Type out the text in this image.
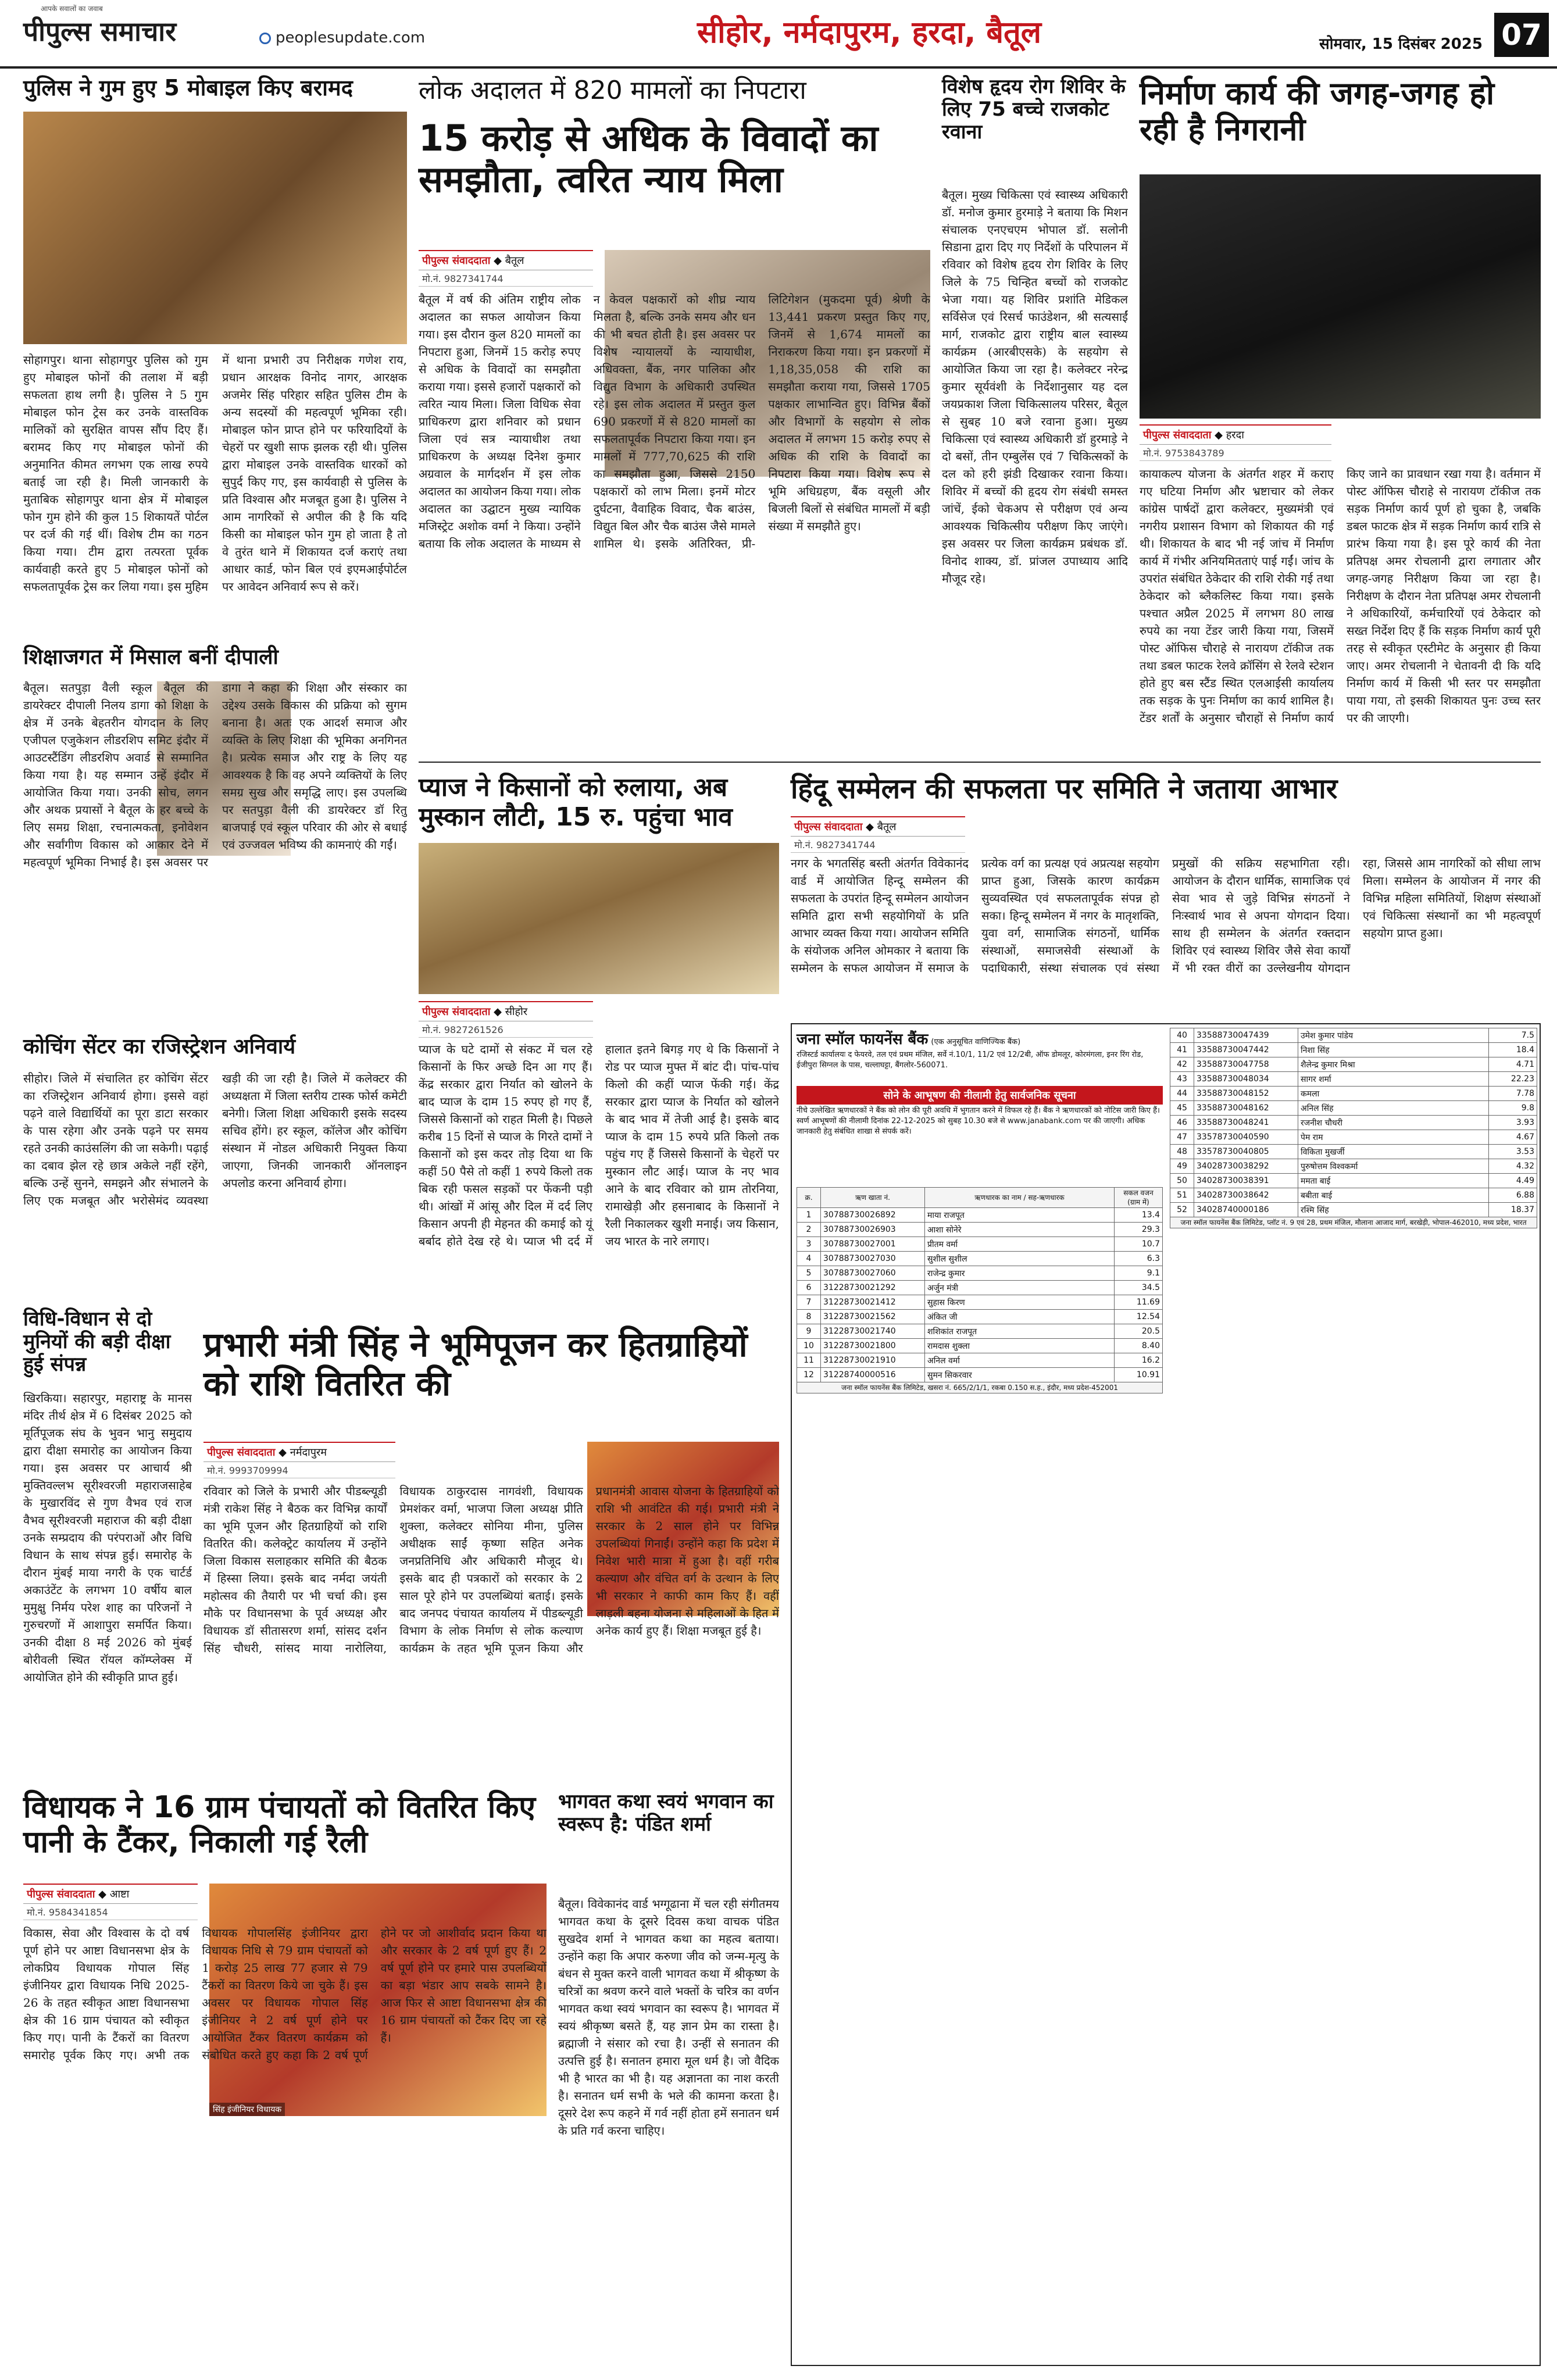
आपके सवालों का जवाब
पीपुल्स समाचार	peoplesupdate.com	सीहोर, नर्मदापुरम, हरदा, बैतूल	सोमवार, 15 दिसंबर 2025 07
पुलिस ने गुम हुए 5 मोबाइल किए बरामद
सोहागपुर। थाना सोहागपुर पुलिस को गुम हुए मोबाइल फोनों की तलाश में बड़ी सफलता हाथ लगी है। पुलिस ने 5 गुम मोबाइल फोन ट्रेस कर उनके वास्तविक मालिकों को सुरक्षित वापस सौंप दिए हैं। बरामद किए गए मोबाइल फोनों की अनुमानित कीमत लगभग एक लाख रुपये बताई जा रही है। मिली जानकारी के मुताबिक सोहागपुर थाना क्षेत्र में मोबाइल फोन गुम होने की कुल 15 शिकायतें पोर्टल पर दर्ज की गई थीं। विशेष टीम का गठन किया गया। टीम द्वारा तत्परता पूर्वक कार्यवाही करते हुए 5 मोबाइल फोनों को सफलतापूर्वक ट्रेस कर लिया गया। इस मुहिम में थाना प्रभारी उप निरीक्षक गणेश राय, प्रधान आरक्षक विनोद नागर, आरक्षक अजमेर सिंह परिहार सहित पुलिस टीम के अन्य सदस्यों की महत्वपूर्ण भूमिका रही। मोबाइल फोन प्राप्त होने पर फरियादियों के चेहरों पर खुशी साफ झलक रही थी। पुलिस द्वारा मोबाइल उनके वास्तविक धारकों को सुपुर्द किए गए, इस कार्यवाही से पुलिस के प्रति विश्वास और मजबूत हुआ है। पुलिस ने आम नागरिकों से अपील की है कि यदि किसी का मोबाइल फोन गुम हो जाता है तो वे तुरंत थाने में शिकायत दर्ज कराएं तथा आधार कार्ड, फोन बिल एवं इएमआईपोर्टल पर आवेदन अनिवार्य रूप से करें।
शिक्षाजगत में मिसाल बनीं दीपाली
बैतूल। सतपुड़ा वैली स्कूल बैतूल की डायरेक्टर दीपाली निलय डागा को शिक्षा के क्षेत्र में उनके बेहतरीन योगदान के लिए एजीपल एजुकेशन लीडरशिप समिट इंदौर में आउटस्टैंडिंग लीडरशिप अवार्ड से सम्मानित किया गया है। यह सम्मान उन्हें इंदौर में आयोजित किया गया। उनकी सोच, लगन और अथक प्रयासों ने बैतूल के हर बच्चे के लिए समग्र शिक्षा, रचनात्मकता, इनोवेशन और सर्वांगीण विकास को आकार देने में महत्वपूर्ण भूमिका निभाई है। इस अवसर पर डागा ने कहा की शिक्षा और संस्कार का उद्देश्य उसके विकास की प्रक्रिया को सुगम बनाना है। अतः एक आदर्श समाज और व्यक्ति के लिए शिक्षा की भूमिका अनगिनत है। प्रत्येक समाज और राष्ट्र के लिए यह आवश्यक है कि वह अपने व्यक्तियों के लिए समग्र सुख और समृद्धि लाए। इस उपलब्धि पर सतपुड़ा वैली की डायरेक्टर डॉ रितु बाजपाई एवं स्कूल परिवार की ओर से बधाई एवं उज्जवल भविष्य की कामनाएं की गईं।
कोचिंग सेंटर का रजिस्ट्रेशन अनिवार्य
सीहोर। जिले में संचालित हर कोचिंग सेंटर का रजिस्ट्रेशन अनिवार्य होगा। इससे वहां पढ़ने वाले विद्यार्थियों का पूरा डाटा सरकार के पास रहेगा और उनके पढ़ने पर समय रहते उनकी काउंसलिंग की जा सकेगी। पढ़ाई का दबाव झेल रहे छात्र अकेले नहीं रहेंगे, बल्कि उन्हें सुनने, समझने और संभालने के लिए एक मजबूत और भरोसेमंद व्यवस्था खड़ी की जा रही है। जिले में कलेक्टर की अध्यक्षता में जिला स्तरीय टास्क फोर्स कमेटी बनेगी। जिला शिक्षा अधिकारी इसके सदस्य सचिव होंगे। हर स्कूल, कॉलेज और कोचिंग संस्थान में नोडल अधिकारी नियुक्त किया जाएगा, जिनकी जानकारी ऑनलाइन अपलोड करना अनिवार्य होगा।
विधि-विधान से दो मुनियों की बड़ी दीक्षा हुई संपन्न
खिरकिया। सहारपुर, महाराष्ट्र के मानस मंदिर तीर्थ क्षेत्र में 6 दिसंबर 2025 को मूर्तिपूजक संघ के भुवन भानु समुदाय द्वारा दीक्षा समारोह का आयोजन किया गया। इस अवसर पर आचार्य श्री मुक्तिवल्लभ सूरीश्वरजी महाराजसाहेब के मुखारविंद से गुण वैभव एवं राज वैभव सूरीश्वरजी महाराज की बड़ी दीक्षा उनके सम्प्रदाय की परंपराओं और विधि विधान के साथ संपन्न हुई। समारोह के दौरान मुंबई माया नगरी के एक चार्टर्ड अकाउंटेंट के लगभग 10 वर्षीय बाल मुमुक्षु निर्मय परेश शाह का परिजनों ने गुरुचरणों में आशापुरा समर्पित किया। उनकी दीक्षा 8 मई 2026 को मुंबई बोरीवली स्थित रॉयल कॉम्प्लेक्स में आयोजित होने की स्वीकृति प्राप्त हुई।
लोक अदालत में 820 मामलों का निपटारा
15 करोड़ से अधिक के विवादों का समझौता, त्वरित न्याय मिला
पीपुल्स संवाददाता ◆ बैतूल
मो.नं. 9827341744
बैतूल में वर्ष की अंतिम राष्ट्रीय लोक अदालत का सफल आयोजन किया गया। इस दौरान कुल 820 मामलों का निपटारा हुआ, जिनमें 15 करोड़ रुपए से अधिक के विवादों का समझौता कराया गया। इससे हजारों पक्षकारों को त्वरित न्याय मिला। जिला विधिक सेवा प्राधिकरण द्वारा शनिवार को प्रधान जिला एवं सत्र न्यायाधीश तथा प्राधिकरण के अध्यक्ष दिनेश कुमार अग्रवाल के मार्गदर्शन में इस लोक अदालत का आयोजन किया गया। लोक अदालत का उद्घाटन मुख्य न्यायिक मजिस्ट्रेट अशोक वर्मा ने किया। उन्होंने बताया कि लोक अदालत के माध्यम से न केवल पक्षकारों को शीघ्र न्याय मिलता है, बल्कि उनके समय और धन की भी बचत होती है। इस अवसर पर विशेष न्यायालयों के न्यायाधीश, अधिवक्ता, बैंक, नगर पालिका और विद्युत विभाग के अधिकारी उपस्थित रहे। इस लोक अदालत में प्रस्तुत कुल 690 प्रकरणों में से 820 मामलों का सफलतापूर्वक निपटारा किया गया। इन मामलों में 777,70,625 की राशि का समझौता हुआ, जिससे 2150 पक्षकारों को लाभ मिला। इनमें मोटर दुर्घटना, वैवाहिक विवाद, चैक बाउंस, विद्युत बिल और चैक बाउंस जैसे मामले शामिल थे। इसके अतिरिक्त, प्री-लिटिगेशन (मुकदमा पूर्व) श्रेणी के 13,441 प्रकरण प्रस्तुत किए गए, जिनमें से 1,674 मामलों का निराकरण किया गया। इन प्रकरणों में 1,18,35,058 की राशि का समझौता कराया गया, जिससे 1705 पक्षकार लाभान्वित हुए। विभिन्न बैंकों और विभागों के सहयोग से लोक अदालत में लगभग 15 करोड़ रुपए से अधिक की राशि के विवादों का निपटारा किया गया। विशेष रूप से भूमि अधिग्रहण, बैंक वसूली और बिजली बिलों से संबंधित मामलों में बड़ी संख्या में समझौते हुए।
विशेष हृदय रोग शिविर के लिए 75 बच्चे राजकोट रवाना
बैतूल। मुख्य चिकित्सा एवं स्वास्थ्य अधिकारी डॉ. मनोज कुमार हुरमाड़े ने बताया कि मिशन संचालक एनएचएम भोपाल डॉ. सलोनी सिडाना द्वारा दिए गए निर्देशों के परिपालन में रविवार को विशेष हृदय रोग शिविर के लिए जिले के 75 चिन्हित बच्चों को राजकोट भेजा गया। यह शिविर प्रशांति मेडिकल सर्विसेज एवं रिसर्च फाउंडेशन, श्री सत्यसाईं मार्ग, राजकोट द्वारा राष्ट्रीय बाल स्वास्थ्य कार्यक्रम (आरबीएसके) के सहयोग से आयोजित किया जा रहा है। कलेक्टर नरेन्द्र कुमार सूर्यवंशी के निर्देशानुसार यह दल जयप्रकाश जिला चिकित्सालय परिसर, बैतूल से सुबह 10 बजे रवाना हुआ। मुख्य चिकित्सा एवं स्वास्थ्य अधिकारी डॉ हुरमाड़े ने दो बसों, तीन एम्बुलेंस एवं 7 चिकित्सकों के दल को हरी झंडी दिखाकर रवाना किया। शिविर में बच्चों की हृदय रोग संबंधी समस्त जांचें, ईको चेकअप से परीक्षण एवं अन्य आवश्यक चिकित्सीय परीक्षण किए जाएंगे। इस अवसर पर जिला कार्यक्रम प्रबंधक डॉ. विनोद शाक्य, डॉ. प्रांजल उपाध्याय आदि मौजूद रहे।
निर्माण कार्य की जगह-जगह हो रही है निगरानी
पीपुल्स संवाददाता ◆ हरदा
मो.नं. 9753843789
कायाकल्प योजना के अंतर्गत शहर में कराए गए घटिया निर्माण और भ्रष्टाचार को लेकर कांग्रेस पार्षदों द्वारा कलेक्टर, मुख्यमंत्री एवं नगरीय प्रशासन विभाग को शिकायत की गई थी। शिकायत के बाद भी नई जांच में निर्माण कार्य में गंभीर अनियमितताएं पाई गईं। जांच के उपरांत संबंधित ठेकेदार की राशि रोकी गई तथा ठेकेदार को ब्लैकलिस्ट किया गया। इसके पश्चात अप्रैल 2025 में लगभग 80 लाख रुपये का नया टेंडर जारी किया गया, जिसमें पोस्ट ऑफिस चौराहे से नारायण टॉकीज तक तथा डबल फाटक रेलवे क्रॉसिंग से रेलवे स्टेशन होते हुए बस स्टैंड स्थित एलआईसी कार्यालय तक सड़क के पुनः निर्माण का कार्य शामिल है। टेंडर शर्तों के अनुसार चौराहों से निर्माण कार्य किए जाने का प्रावधान रखा गया है। वर्तमान में पोस्ट ऑफिस चौराहे से नारायण टॉकीज तक सड़क निर्माण कार्य पूर्ण हो चुका है, जबकि डबल फाटक क्षेत्र में सड़क निर्माण कार्य रात्रि से प्रारंभ किया गया है। इस पूरे कार्य की नेता प्रतिपक्ष अमर रोचलानी द्वारा लगातार और जगह-जगह निरीक्षण किया जा रहा है। निरीक्षण के दौरान नेता प्रतिपक्ष अमर रोचलानी ने अधिकारियों, कर्मचारियों एवं ठेकेदार को सख्त निर्देश दिए हैं कि सड़क निर्माण कार्य पूरी तरह से स्वीकृत एस्टीमेट के अनुसार ही किया जाए। अमर रोचलानी ने चेतावनी दी कि यदि निर्माण कार्य में किसी भी स्तर पर समझौता पाया गया, तो इसकी शिकायत पुनः उच्च स्तर पर की जाएगी।
प्याज ने किसानों को रुलाया, अब मुस्कान लौटी, 15 रु. पहुंचा भाव
पीपुल्स संवाददाता ◆ सीहोर
मो.नं. 9827261526
प्याज के घटे दामों से संकट में चल रहे किसानों के फिर अच्छे दिन आ गए हैं। केंद्र सरकार द्वारा निर्यात को खोलने के बाद प्याज के दाम 15 रुपए हो गए हैं, जिससे किसानों को राहत मिली है। पिछले करीब 15 दिनों से प्याज के गिरते दामों ने किसानों को इस कदर तोड़ दिया था कि कहीं 50 पैसे तो कहीं 1 रुपये किलो तक बिक रही फसल सड़कों पर फेंकनी पड़ी थी। आंखों में आंसू और दिल में दर्द लिए किसान अपनी ही मेहनत की कमाई को यूं बर्बाद होते देख रहे थे। प्याज भी दर्द में हालात इतने बिगड़ गए थे कि किसानों ने रोड पर प्याज मुफ्त में बांट दी। पांच-पांच किलो की कहीं प्याज फेंकी गई। केंद्र सरकार द्वारा प्याज के निर्यात को खोलने के बाद भाव में तेजी आई है। इसके बाद प्याज के दाम 15 रुपये प्रति किलो तक पहुंच गए हैं जिससे किसानों के चेहरों पर मुस्कान लौट आई। प्याज के नए भाव आने के बाद रविवार को ग्राम तोरनिया, रामाखेड़ी और हसनाबाद के किसानों ने रैली निकालकर खुशी मनाई। जय किसान, जय भारत के नारे लगाए।
हिंदू सम्मेलन की सफलता पर समिति ने जताया आभार
पीपुल्स संवाददाता ◆ बैतूल
मो.नं. 9827341744
नगर के भगतसिंह बस्ती अंतर्गत विवेकानंद वार्ड में आयोजित हिन्दू सम्मेलन की सफलता के उपरांत हिन्दू सम्मेलन आयोजन समिति द्वारा सभी सहयोगियों के प्रति आभार व्यक्त किया गया। आयोजन समिति के संयोजक अनिल ओमकार ने बताया कि सम्मेलन के सफल आयोजन में समाज के प्रत्येक वर्ग का प्रत्यक्ष एवं अप्रत्यक्ष सहयोग प्राप्त हुआ, जिसके कारण कार्यक्रम सुव्यवस्थित एवं सफलतापूर्वक संपन्न हो सका। हिन्दू सम्मेलन में नगर के मातृशक्ति, युवा वर्ग, सामाजिक संगठनों, धार्मिक संस्थाओं, समाजसेवी संस्थाओं के पदाधिकारी, संस्था संचालक एवं संस्था प्रमुखों की सक्रिय सहभागिता रही। आयोजन के दौरान धार्मिक, सामाजिक एवं सेवा भाव से जुड़े विभिन्न संगठनों ने निःस्वार्थ भाव से अपना योगदान दिया। साथ ही सम्मेलन के अंतर्गत रक्तदान शिविर एवं स्वास्थ्य शिविर जैसे सेवा कार्यों में भी रक्त वीरों का उल्लेखनीय योगदान रहा, जिससे आम नागरिकों को सीधा लाभ मिला। सम्मेलन के आयोजन में नगर की विभिन्न महिला समितियों, शिक्षण संस्थाओं एवं चिकित्सा संस्थानों का भी महत्वपूर्ण सहयोग प्राप्त हुआ।
प्रभारी मंत्री सिंह ने भूमिपूजन कर हितग्राहियों को राशि वितरित की
पीपुल्स संवाददाता ◆ नर्मदापुरम
मो.नं. 9993709994
रविवार को जिले के प्रभारी और पीडब्ल्यूडी मंत्री राकेश सिंह ने बैठक कर विभिन्न कार्यों का भूमि पूजन और हितग्राहियों को राशि वितरित की। कलेक्ट्रेट कार्यालय में उन्होंने जिला विकास सलाहकार समिति की बैठक में हिस्सा लिया। इसके बाद नर्मदा जयंती महोत्सव की तैयारी पर भी चर्चा की। इस मौके पर विधानसभा के पूर्व अध्यक्ष और विधायक डॉ सीतासरण शर्मा, सांसद दर्शन सिंह चौधरी, सांसद माया नारोलिया, विधायक ठाकुरदास नागवंशी, विधायक प्रेमशंकर वर्मा, भाजपा जिला अध्यक्ष प्रीति शुक्ला, कलेक्टर सोनिया मीना, पुलिस अधीक्षक साईं कृष्णा सहित अनेक जनप्रतिनिधि और अधिकारी मौजूद थे। इसके बाद ही पत्रकारों को सरकार के 2 साल पूरे होने पर उपलब्धियां बताई। इसके बाद जनपद पंचायत कार्यालय में पीडब्ल्यूडी विभाग के लोक निर्माण से लोक कल्याण कार्यक्रम के तहत भूमि पूजन किया और प्रधानमंत्री आवास योजना के हितग्राहियों को राशि भी आवंटित की गई। प्रभारी मंत्री ने सरकार के 2 साल होने पर विभिन्न उपलब्धियां गिनाईं। उन्होंने कहा कि प्रदेश में निवेश भारी मात्रा में हुआ है। वहीं गरीब कल्याण और वंचित वर्ग के उत्थान के लिए भी सरकार ने काफी काम किए हैं। वहीं लाड़ली बहना योजना से महिलाओं के हित में अनेक कार्य हुए हैं। शिक्षा मजबूत हुई है।
विधायक ने 16 ग्राम पंचायतों को वितरित किए पानी के टैंकर, निकाली गई रैली
पीपुल्स संवाददाता ◆ आष्टा
मो.नं. 9584341854
सिंह इंजीनियर विधायक
विकास, सेवा और विश्वास के दो वर्ष पूर्ण होने पर आष्टा विधानसभा क्षेत्र के लोकप्रिय विधायक गोपाल सिंह इंजीनियर द्वारा विधायक निधि 2025-26 के तहत स्वीकृत आष्टा विधानसभा क्षेत्र की 16 ग्राम पंचायत को स्वीकृत किए गए। पानी के टैंकरों का वितरण समारोह पूर्वक किए गए। अभी तक विधायक गोपालसिंह इंजीनियर द्वारा विधायक निधि से 79 ग्राम पंचायतों को 1 करोड़ 25 लाख 77 हजार से 79 टैंकरों का वितरण किये जा चुके हैं। इस अवसर पर विधायक गोपाल सिंह इंजीनियर ने 2 वर्ष पूर्ण होने पर आयोजित टैंकर वितरण कार्यक्रम को संबोधित करते हुए कहा कि 2 वर्ष पूर्ण होने पर जो आशीर्वाद प्रदान किया था और सरकार के 2 वर्ष पूर्ण हुए हैं। 2 वर्ष पूर्ण होने पर हमारे पास उपलब्धियों का बड़ा भंडार आप सबके सामने है। आज फिर से आष्टा विधानसभा क्षेत्र की 16 ग्राम पंचायतों को टैंकर दिए जा रहे हैं।
भागवत कथा स्वयं भगवान का स्वरूप है: पंडित शर्मा
बैतूल। विवेकानंद वार्ड भग्गूढाना में चल रही संगीतमय भागवत कथा के दूसरे दिवस कथा वाचक पंडित सुखदेव शर्मा ने भागवत कथा का महत्व बताया। उन्होंने कहा कि अपार करुणा जीव को जन्म-मृत्यु के बंधन से मुक्त करने वाली भागवत कथा में श्रीकृष्ण के चरित्रों का श्रवण करने वाले भक्तों के चरित्र का वर्णन भागवत कथा स्वयं भगवान का स्वरूप है। भागवत में स्वयं श्रीकृष्ण बसते हैं, यह ज्ञान प्रेम का रास्ता है। ब्रह्माजी ने संसार को रचा है। उन्हीं से सनातन की उत्पत्ति हुई है। सनातन हमारा मूल धर्म है। जो वैदिक भी है भारत का भी है। यह अज्ञानता का नाश करती है। सनातन धर्म सभी के भले की कामना करता है। दूसरे देश रूप कहने में गर्व नहीं होता हमें सनातन धर्म के प्रति गर्व करना चाहिए।
जना स्मॉल फायनेंस बैंक (एक अनुसूचित वाणिज्यिक बैंक)
रजिस्टर्ड कार्यालयः द फेयरवे, तल एवं प्रथम मंजिल, सर्वे नं.10/1, 11/2 एवं 12/2बी, ऑफ डोमलूर, कोरमंगला, इनर रिंग रोड, ईजीपुरा सिग्नल के पास, चल्लाघट्टा, बैंगलोर-560071.
सोने के आभूषण की नीलामी हेतु सार्वजनिक सूचना
नीचे उल्लेखित ऋणधारकों ने बैंक को लोन की पूरी अवधि में भुगतान करने में विफल रहे हैं। बैंक ने ऋणधारकों को नोटिस जारी किए हैं। स्वर्ण आभूषणों की नीलामी दिनांक 22-12-2025 को सुबह 10.30 बजे से www.janabank.com पर की जाएगी। अधिक जानकारी हेतु संबंधित शाखा से संपर्क करें।
क्र.	ऋण खाता नं.	ऋणधारक का नाम / सह-ऋणधारक	सकल वजन (ग्राम में)
1	30788730026892	माया राजपूत	13.4
2	30788730026903	आशा सोनेरे	29.3
3	30788730027001	प्रीतम वर्मा	10.7
4	30788730027030	सुशील सुशील	6.3
5	30788730027060	राजेन्द्र कुमार	9.1
6	31228730021292	अर्जुन मंत्री	34.5
7	31228730021412	सुहास किरण	11.69
8	31228730021562	अंकित जी	12.54
9	31228730021740	शशिकांत राजपूत	20.5
10	31228730021800	रामदास शुक्ला	8.40
11	31228730021910	अनिल वर्मा	16.2
12	31228740000516	सुमन सिकरवार	10.91
जना स्मॉल फायनेंस बैंक लिमिटेड, खसरा नं. 665/2/1/1, रकबा 0.150 स.ह., इंदौर, मध्य प्रदेश-452001			
40	33588730047439	उमेश कुमार पांडेय	7.5
41	33588730047442	निशा सिंह	18.4
42	33588730047758	शैलेन्द्र कुमार मिश्रा	4.71
43	33588730048034	सागर शर्मा	22.23
44	33588730048152	कमला	7.78
45	33588730048162	अनिल सिंह	9.8
46	33588730048241	रजनीश चौधरी	3.93
47	33578730040590	पेम राम	4.67
48	33578730040805	विकिता मुखर्जी	3.53
49	34028730038292	पुरुषोत्तम विश्वकर्मा	4.32
50	34028730038391	ममता बाई	4.49
51	34028730038642	बबीता बाई	6.88
52	34028740000186	रश्मि सिंह	18.37
जना स्मॉल फायनेंस बैंक लिमिटेड, प्लॉट नं. 9 एवं 28, प्रथम मंजिल, मौलाना आजाद मार्ग, बरखेड़ी, भोपाल-462010, मध्य प्रदेश, भारत			
